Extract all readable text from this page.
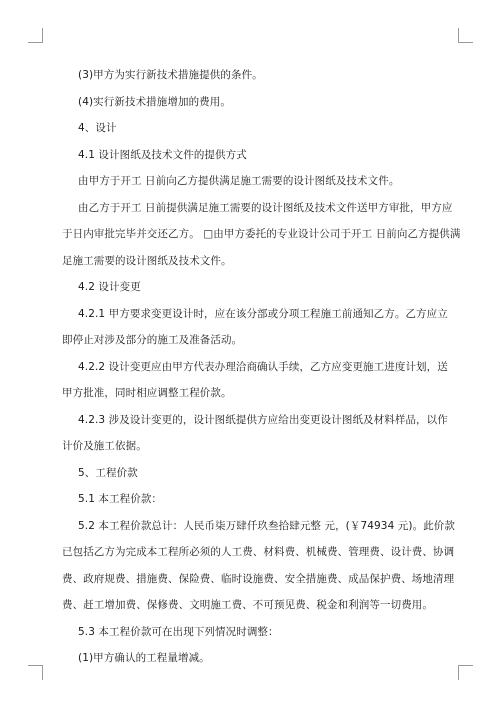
(3)甲方为实行新技术措施提供的条件。

(4)实行新技术措施增加的费用。

4、设计

4.1 设计图纸及技术文件的提供方式

由甲方于开工 日前向乙方提供满足施工需要的设计图纸及技术文件。

由乙方于开工 日前提供满足施工需要的设计图纸及技术文件送甲方审批，甲方应

于日内审批完毕并交还乙方。 □由甲方委托的专业设计公司于开工 日前向乙方提供满

足施工需要的设计图纸及技术文件。

4.2 设计变更

4.2.1 甲方要求变更设计时，应在该分部或分项工程施工前通知乙方。乙方应立

即停止对涉及部分的施工及准备活动。

4.2.2 设计变更应由甲方代表办理洽商确认手续，乙方应变更施工进度计划，送

甲方批准，同时相应调整工程价款。

4.2.3 涉及设计变更的，设计图纸提供方应给出变更设计图纸及材料样品，以作

计价及施工依据。

5、工程价款

5.1 本工程价款：

5.2 本工程价款总计：人民币柒万肆仟玖叁拾肆元整 元，(￥74934 元)。此价款

已包括乙方为完成本工程所必须的人工费、材料费、机械费、管理费、设计费、协调

费、政府规费、措施费、保险费、临时设施费、安全措施费、成品保护费、场地清理

费、赶工增加费、保修费、文明施工费、不可预见费、税金和利润等一切费用。

5.3 本工程价款可在出现下列情况时调整：

(1)甲方确认的工程量增减。
